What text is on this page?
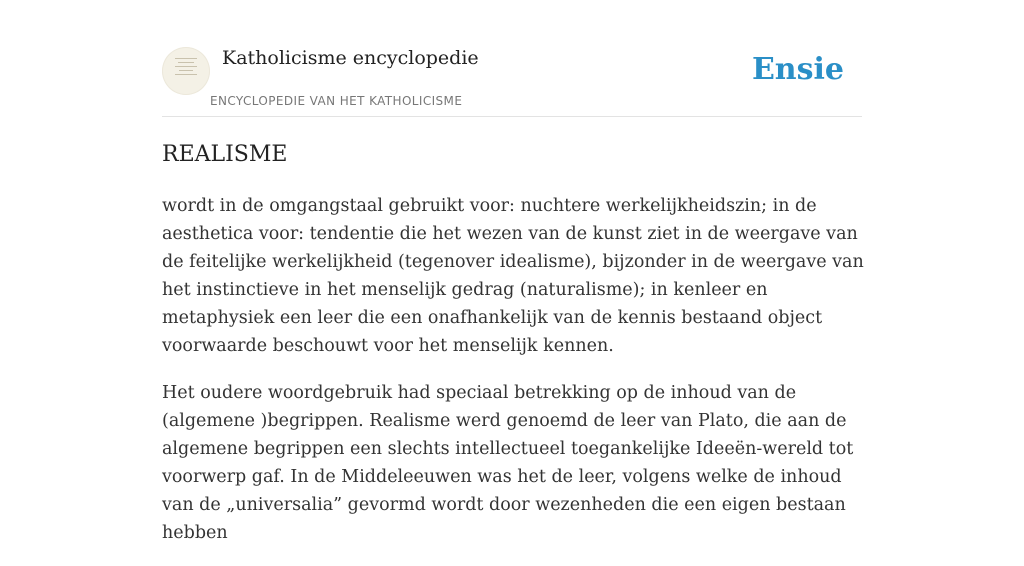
Katholicisme encyclopedie
ENCYCLOPEDIE VAN HET KATHOLICISME
Ensie
REALISME

wordt in de omgangstaal gebruikt voor: nuchtere werkelijkheidszin; in de aesthetica voor: tendentie die het wezen van de kunst ziet in de weergave van de feitelijke werkelijkheid (tegenover idealisme), bijzonder in de weergave van het instinctieve in het menselijk gedrag (naturalisme); in kenleer en metaphysiek een leer die een onafhankelijk van de kennis bestaand object voorwaarde beschouwt voor het menselijk kennen.

Het oudere woordgebruik had speciaal betrekking op de inhoud van de (algemene )begrippen. Realisme werd genoemd de leer van Plato, die aan de algemene begrippen een slechts intellectueel toegankelijke Ideeën-wereld tot voorwerp gaf. In de Middeleeuwen was het de leer, volgens welke de inhoud van de „universalia” gevormd wordt door wezenheden die een eigen bestaan hebben
